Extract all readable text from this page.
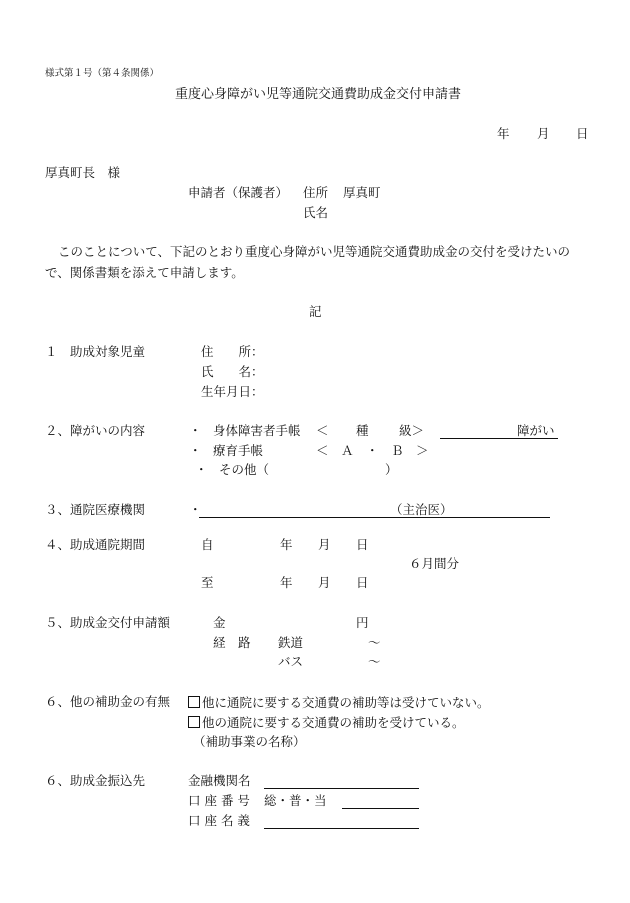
様式第１号（第４条関係）
重度心身障がい児等通院交通費助成金交付申請書
年 月 日
厚真町長　様
申請者（保護者） 住所 厚真町
氏名
このことについて、下記のとおり重度心身障がい児等通院交通費助成金の交付を受けたいの
で、関係書類を添えて申請します。
記
１　助成対象児童	住　　所：
氏　　名：
生年月日：
２、障がいの内容	・ 身体障害者手帳 ＜ 種 級＞	障がい
・ 療育手帳	＜　Ａ　・　Ｂ　＞
・ その他（	）
３、通院医療機関	・	（主治医）
４、助成通院期間	自	年 月 日
６月間分
至	年 月 日
５、助成金交付申請額	金	円
経　路 鉄道	～
バス	～
６、他の補助金の有無	他に通院に要する交通費の補助等は受けていない。
他の通院に要する交通費の補助を受けている。
（補助事業の名称）
６、助成金振込先	金融機関名
口 座 番 号 総・普・当
口 座 名 義
